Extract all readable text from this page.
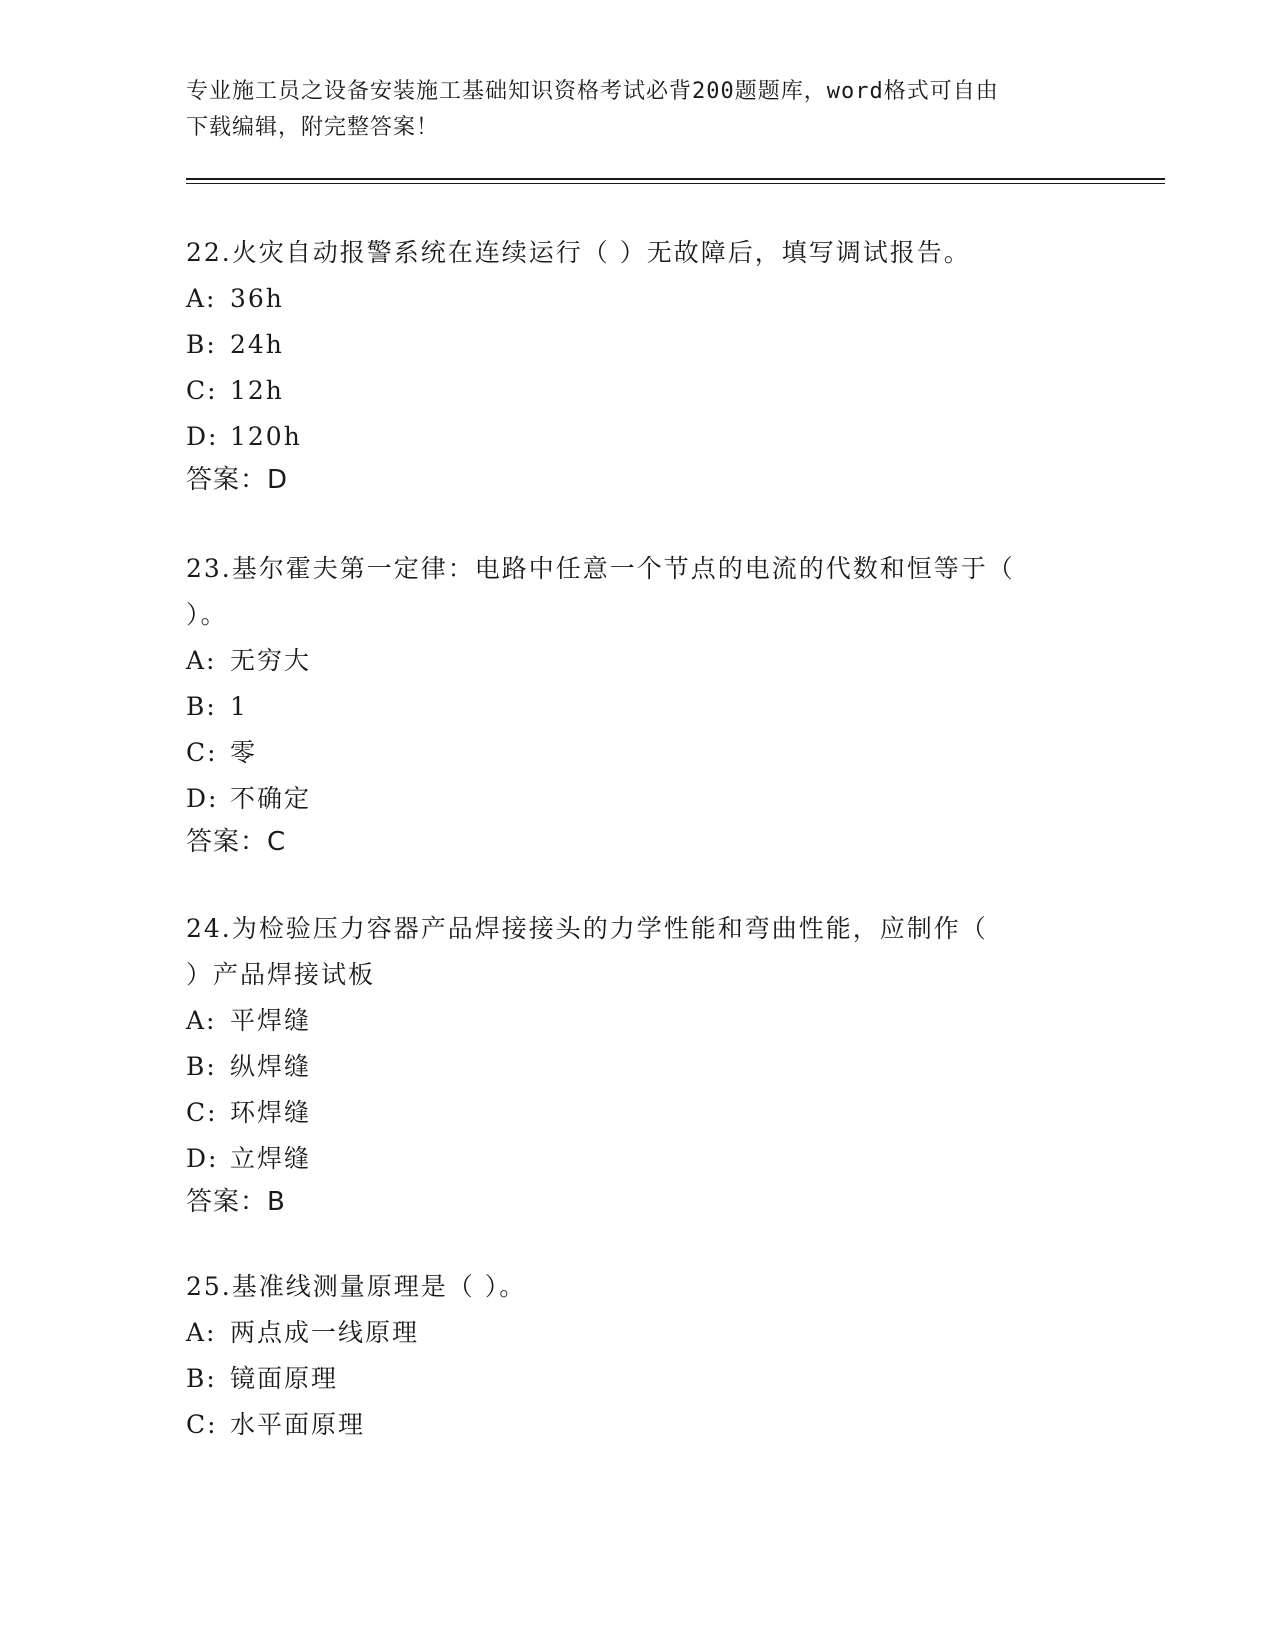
专业施工员之设备安装施工基础知识资格考试必背200题题库，word格式可自由
下载编辑，附完整答案！

22.火灾自动报警系统在连续运行（ ）无故障后，填写调试报告。

A: 36h

B: 24h

C: 12h

D: 120h

答案：D

23.基尔霍夫第一定律：电路中任意一个节点的电流的代数和恒等于（

）。

A: 无穷大

B: 1

C: 零

D: 不确定

答案：C

24.为检验压力容器产品焊接接头的力学性能和弯曲性能，应制作（

）产品焊接试板

A: 平焊缝

B: 纵焊缝

C: 环焊缝

D: 立焊缝

答案：B

25.基准线测量原理是（ ）。

A: 两点成一线原理

B: 镜面原理

C: 水平面原理
